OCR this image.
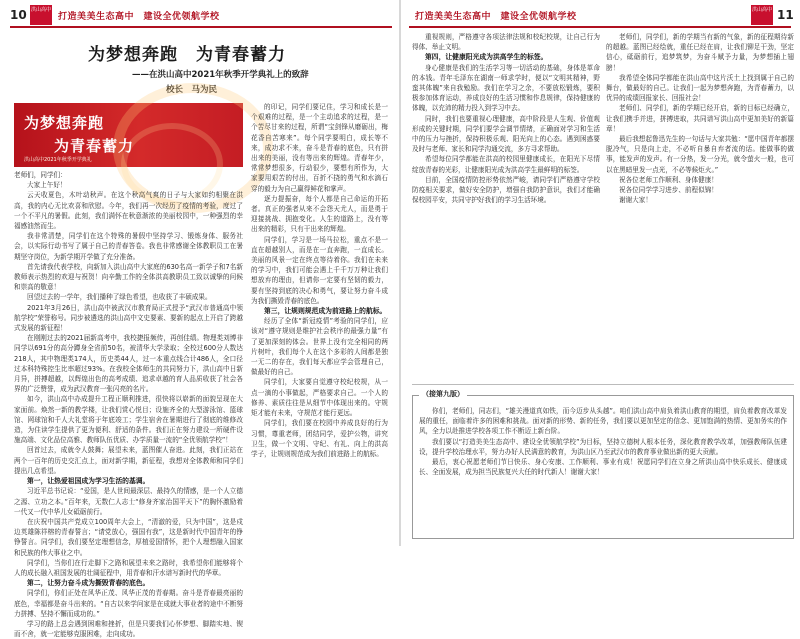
10 洪山高中
打造美美生态高中　建设全优领航学校
为梦想奔跑　为青春蓄力
——在洪山高中2021年秋季开学典礼上的致辞
校长　马为民
为梦想奔跑
为青春蓄力
洪山高中2021年秋季开学典礼

老师们，同学们：

大家上午好！

云天收夏色，木叶动秋声。在这个秋高气爽的日子与大家如约相聚在洪高，我的内心无比欢喜和欣慰。今年，我们再一次经历了疫情的考验，度过了一个不平凡的暑假。此刻，我们满怀在秋意渐浓的美丽校园中，一种强烈的幸福感油然而生。

我非常清楚，同学们在这个特殊的暑假中坚持学习、锻炼身体、服务社会，以实际行动书写了属于自己的青春答卷。我也非常感谢全体教职员工在暑期坚守岗位，为新学期开学做了充分准备。

首先请我代表学校，向新加入洪山高中大家庭的630名高一新学子和7名新教师表示热烈的欢迎与祝贺！向辛勤工作的全体洪高教职员工致以诚挚的问候和崇高的敬意！

回望过去的一学年，我们播种了绿色希望，也收获了丰硕成果。

2021年3月26日，洪山高中被武汉市教育局正式授予“武汉市普通高中领航学校”荣誉称号。同步被遴选的洪山高中文史要素、要新的起点上开启了跨越式发展的新征程！

在刚刚过去的2021届新高考中，我校捷报频传，再创佳绩。物理类刘博非同学以691分的高分蹲身全省前50名，被清华大学录取；全校过600分人数达218人，其中物理类174人，历史类44人，过一本重点线合计486人，全口径过本科特殊控生比率超过93%。在我校全体师生的共同努力下，洪山高中日新月异，拼搏超越，以辉煌出色的高考成绩、追求卓越的育人品质收获了社会各界的广泛赞誉，成为武汉教育一张闪亮的名片。

如今，洪山高中办成提升工程正顺利推进，很快将以崭新的面貌呈现在大家面前。焕然一新的教学楼，让我们赏心悦目；设施齐全的大型游泳馆、篮球馆、网球馆和千人大礼堂将于年底竣工；学生宿舍在暑期进行了彻底的维修改造，为住读学生提供了更为便利、舒适的条件。我们正在努力建设一所硬件设施高端、文化品位高雅、教师队伍优质、办学质量一流的“全优领航学校”！

回首过去，成就令人鼓舞；展望未来，蓝图催人奋进。此刻，我们正站在两个一百年的历史交汇点上，面对新学期，新征程，我想对全体教师和同学们提出几点希望。

第一，让热爱祖国成为学习生活的基调。

习近平总书记说：“爱国，是人世间最深层、最持久的情感，是一个人立德之源、立功之本。”百年来，无数仁人志士“修身齐家治国平天下”的胸怀激励着一代又一代中华儿女砥砺前行。

在庆祝中国共产党成立100周年大会上，“清澈的爱，只为中国”，这是戍边英雄陈祥榕的青春誓言；“请党放心，强国有我”，这是新时代中国青年的铮铮誓言。同学们，我们要坚定理想信念，厚植爱国情怀，把个人理想融入国家和民族的伟大事业之中。

同学们，当你们在行走脚下之路和展望未来之路时，我希望你们能够将个人的成长融入祖国发展的壮阔征程中，用青春和汗水谱写新时代的华章。

第二，让努力奋斗成为撕毁青春的底色。

同学们，你们正处在风华正茂、风华正茂的青春期。奋斗是青春最亮丽的底色，幸福都是奋斗出来的。“自古以来学问家是在成就大事业者的途中不断努力拼搏、坚持不懈而成功的。”

学习的路上总会遇到困难和挫折，但是只要我们心怀梦想、脚踏实地、锲而不舍，就一定能够克服困难，走向成功。

的印记，同学们要记住，学习和成长是一个艰难的过程，是一个主动追求的过程，是一个苦尽甘来的过程，所谓“宝剑锋从磨砺出，梅花香自苦寒来”。每个同学要明白，成长等不来，成功求不来，奋斗是青春的底色，只有拼出来的美丽，没有等出来的辉煌。青春年少，常常梦想很多，行动很少，要想有所作为，大家要用艰苦的付出，百折不挠的勇气和水滴石穿的毅力为自己赢得鲜花和掌声。

逐力提振奋，每个人都是自己命运的开拓者。真正的强者从来不会怨天尤人，而是勇于迎接挑战、拥抱变化。人生的道路上，没有等出来的精彩，只有干出来的辉煌。

同学们，学习是一场马拉松，重点不是一直在超越别人，而是在一直奔跑，一直成长。美丽的风景一定在终点等待着你。我们在未来的学习中，我们可能会遇上千千万万种让我们想放弃的理由，但请你一定要有坚韧的毅力，要有坚持到底的决心和勇气，要让努力奋斗成为我们撕毁青春的底色。

第三，让规则规范成为前进路上的航标。

经历了全体“新冠疫情”考验的同学们，应该对“遵守规则是维护社会秩序的最强力量”有了更加深刻的体会。世界上没有完全相同的两片树叶，我们每个人在这个多彩的人间都是独一无二的存在，我们每天都应学会管理自己，做最好的自己。

同学们，大家要自觉遵守校纪校规，从一点一滴的小事做起，严格要求自己。一个人的修养、素质往往是从细节中体现出来的。守规矩才能有未来，守规范才能行更远。

同学们，我们要在校园中养成良好的行为习惯，尊重老师，团结同学，爱护公物，讲究卫生，做一个文明、守纪、有礼、向上的洪高学子，让规则规范成为我们前进路上的航标。

打造美美生态高中　建设全优领航学校
洪山高中 11

重视规则，严格遵守各项法律法规和校纪校规，让自己行为得体、举止文明。

第四，让健康阳光成为洪高学生的标签。

身心健康是我们的生活学习等一切活动的基础，身体是革命的本钱。青年毛泽东在湖南一师求学时，便以“文明其精神，野蛮其体魄”来自我勉励。我们在学习之余，不要放松锻炼，要积极参加体育运动，养成良好的生活习惯和作息规律，保持健康的体魄，以充沛的精力投入到学习中去。

同时，我们也要重视心理健康，高中阶段是人生观、价值观形成的关键时期，同学们要学会调节情绪，正确面对学习和生活中的压力与挫折，保持积极乐观、阳光向上的心态。遇到困惑要及时与老师、家长和同学沟通交流，多方寻求帮助。

希望每位同学都能在洪高的校园里健康成长，在阳光下尽情绽放青春的光彩，让健康阳光成为洪高学生最鲜明的标签。

目前，全国疫情防控形势依然严峻，请同学们严格遵守学校防疫相关要求，做好安全防护，增强自我防护意识，我们才能确保校园平安，共同守护好我们的学习生活环境。

老师们，同学们，新的学期当有新的气象，新的征程期待新的超越。蓝图已经绘就，重任已经在肩，让我们铆足干劲，坚定信心，砥砺前行，追梦筑梦，为奋斗赋予力量，为梦想插上翅膀！

我希望全体同学都能在洪山高中这片沃土上找到属于自己的舞台，做最好的自己。让我们一起为梦想奔跑，为青春蓄力，以优异的成绩回报家长、回报社会！

老师们、同学们，新的学期已经开启，新的目标已经确立，让我们携手并进，拼搏进取，共同谱写洪山高中更加美好的新篇章！

最后我想起鲁迅先生的一句话与大家共勉：“愿中国青年都摆脱冷气，只是向上走，不必听自暴自弃者流的话。能做事的做事，能发声的发声。有一分热，发一分光，就令萤火一般，也可以在黑暗里发一点光，不必等候炬火。”

祝各位老师工作顺利、身体健康！

祝各位同学学习进步、前程似锦！

谢谢大家！

（接第九版）

你们，老师们，同志们，“雄关漫道真如铁，而今迈步从头越”。咱们洪山高中肩负着洪山教育的期望，肩负着教育改革发展的重任，面临着许多的困难和挑战。面对新的形势、新的任务，我们要以更加坚定的信念、更加饱满的热情、更加务实的作风，全力以赴推进学校各项工作不断迈上新台阶。

我们要以“打造美美生态高中、建设全优领航学校”为目标，坚持立德树人根本任务，深化教育教学改革，加强教师队伍建设，提升学校治理水平，努力办好人民满意的教育，为洪山区乃至武汉市的教育事业做出新的更大贡献。

最后，衷心祝愿老师们节日快乐、身心安康、工作顺利、事业有成！祝愿同学们在立身之所洪山高中快乐成长、健康成长、全面发展，成为担当民族复兴大任的时代新人！谢谢大家！
